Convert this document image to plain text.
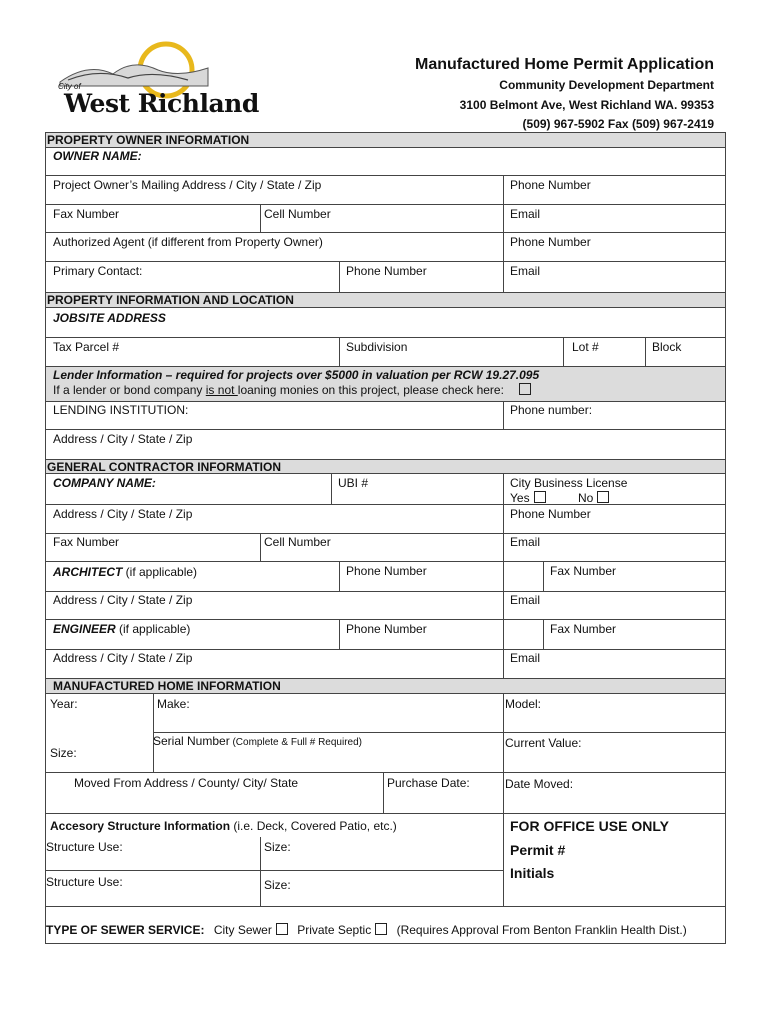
City of
West Richland
Manufactured Home Permit Application
Community Development Department
3100 Belmont Ave, West Richland WA. 99353
(509) 967-5902 Fax (509) 967-2419
PROPERTY OWNER INFORMATION
OWNER NAME:
Project Owner’s Mailing Address / City / State / Zip	Phone Number
Fax Number	Cell Number	Email
Authorized Agent (if different from Property Owner)	Phone Number
Primary Contact:	Phone Number	Email
PROPERTY INFORMATION AND LOCATION
JOBSITE ADDRESS
Tax Parcel #	Subdivision	Lot #	Block
Lender Information – required for projects over $5000 in valuation per RCW 19.27.095
If a lender or bond company is not loaning monies on this project, please check here:
LENDING INSTITUTION:	Phone number:
Address / City / State / Zip
GENERAL CONTRACTOR INFORMATION
COMPANY NAME:	UBI #	City Business License
Yes	No
Address / City / State / Zip	Phone Number
Fax Number	Cell Number	Email
ARCHITECT (if applicable)	Phone Number	Fax Number
Address / City / State / Zip	Email
ENGINEER (if applicable)	Phone Number	Fax Number
Address / City / State / Zip	Email
MANUFACTURED HOME INFORMATION
Year:	Make:	Model:
Size:
Serial Number (Complete & Full # Required)	Current Value:
Moved From Address / County/ City/ State	Purchase Date:	Date Moved:
Accesory Structure Information (i.e. Deck, Covered Patio, etc.)
Structure Use:	Size:
Structure Use:	Size:
FOR OFFICE USE ONLY
Permit #
Initials
TYPE OF SEWER SERVICE: City Sewer Private Septic (Requires Approval From Benton Franklin Health Dist.)
